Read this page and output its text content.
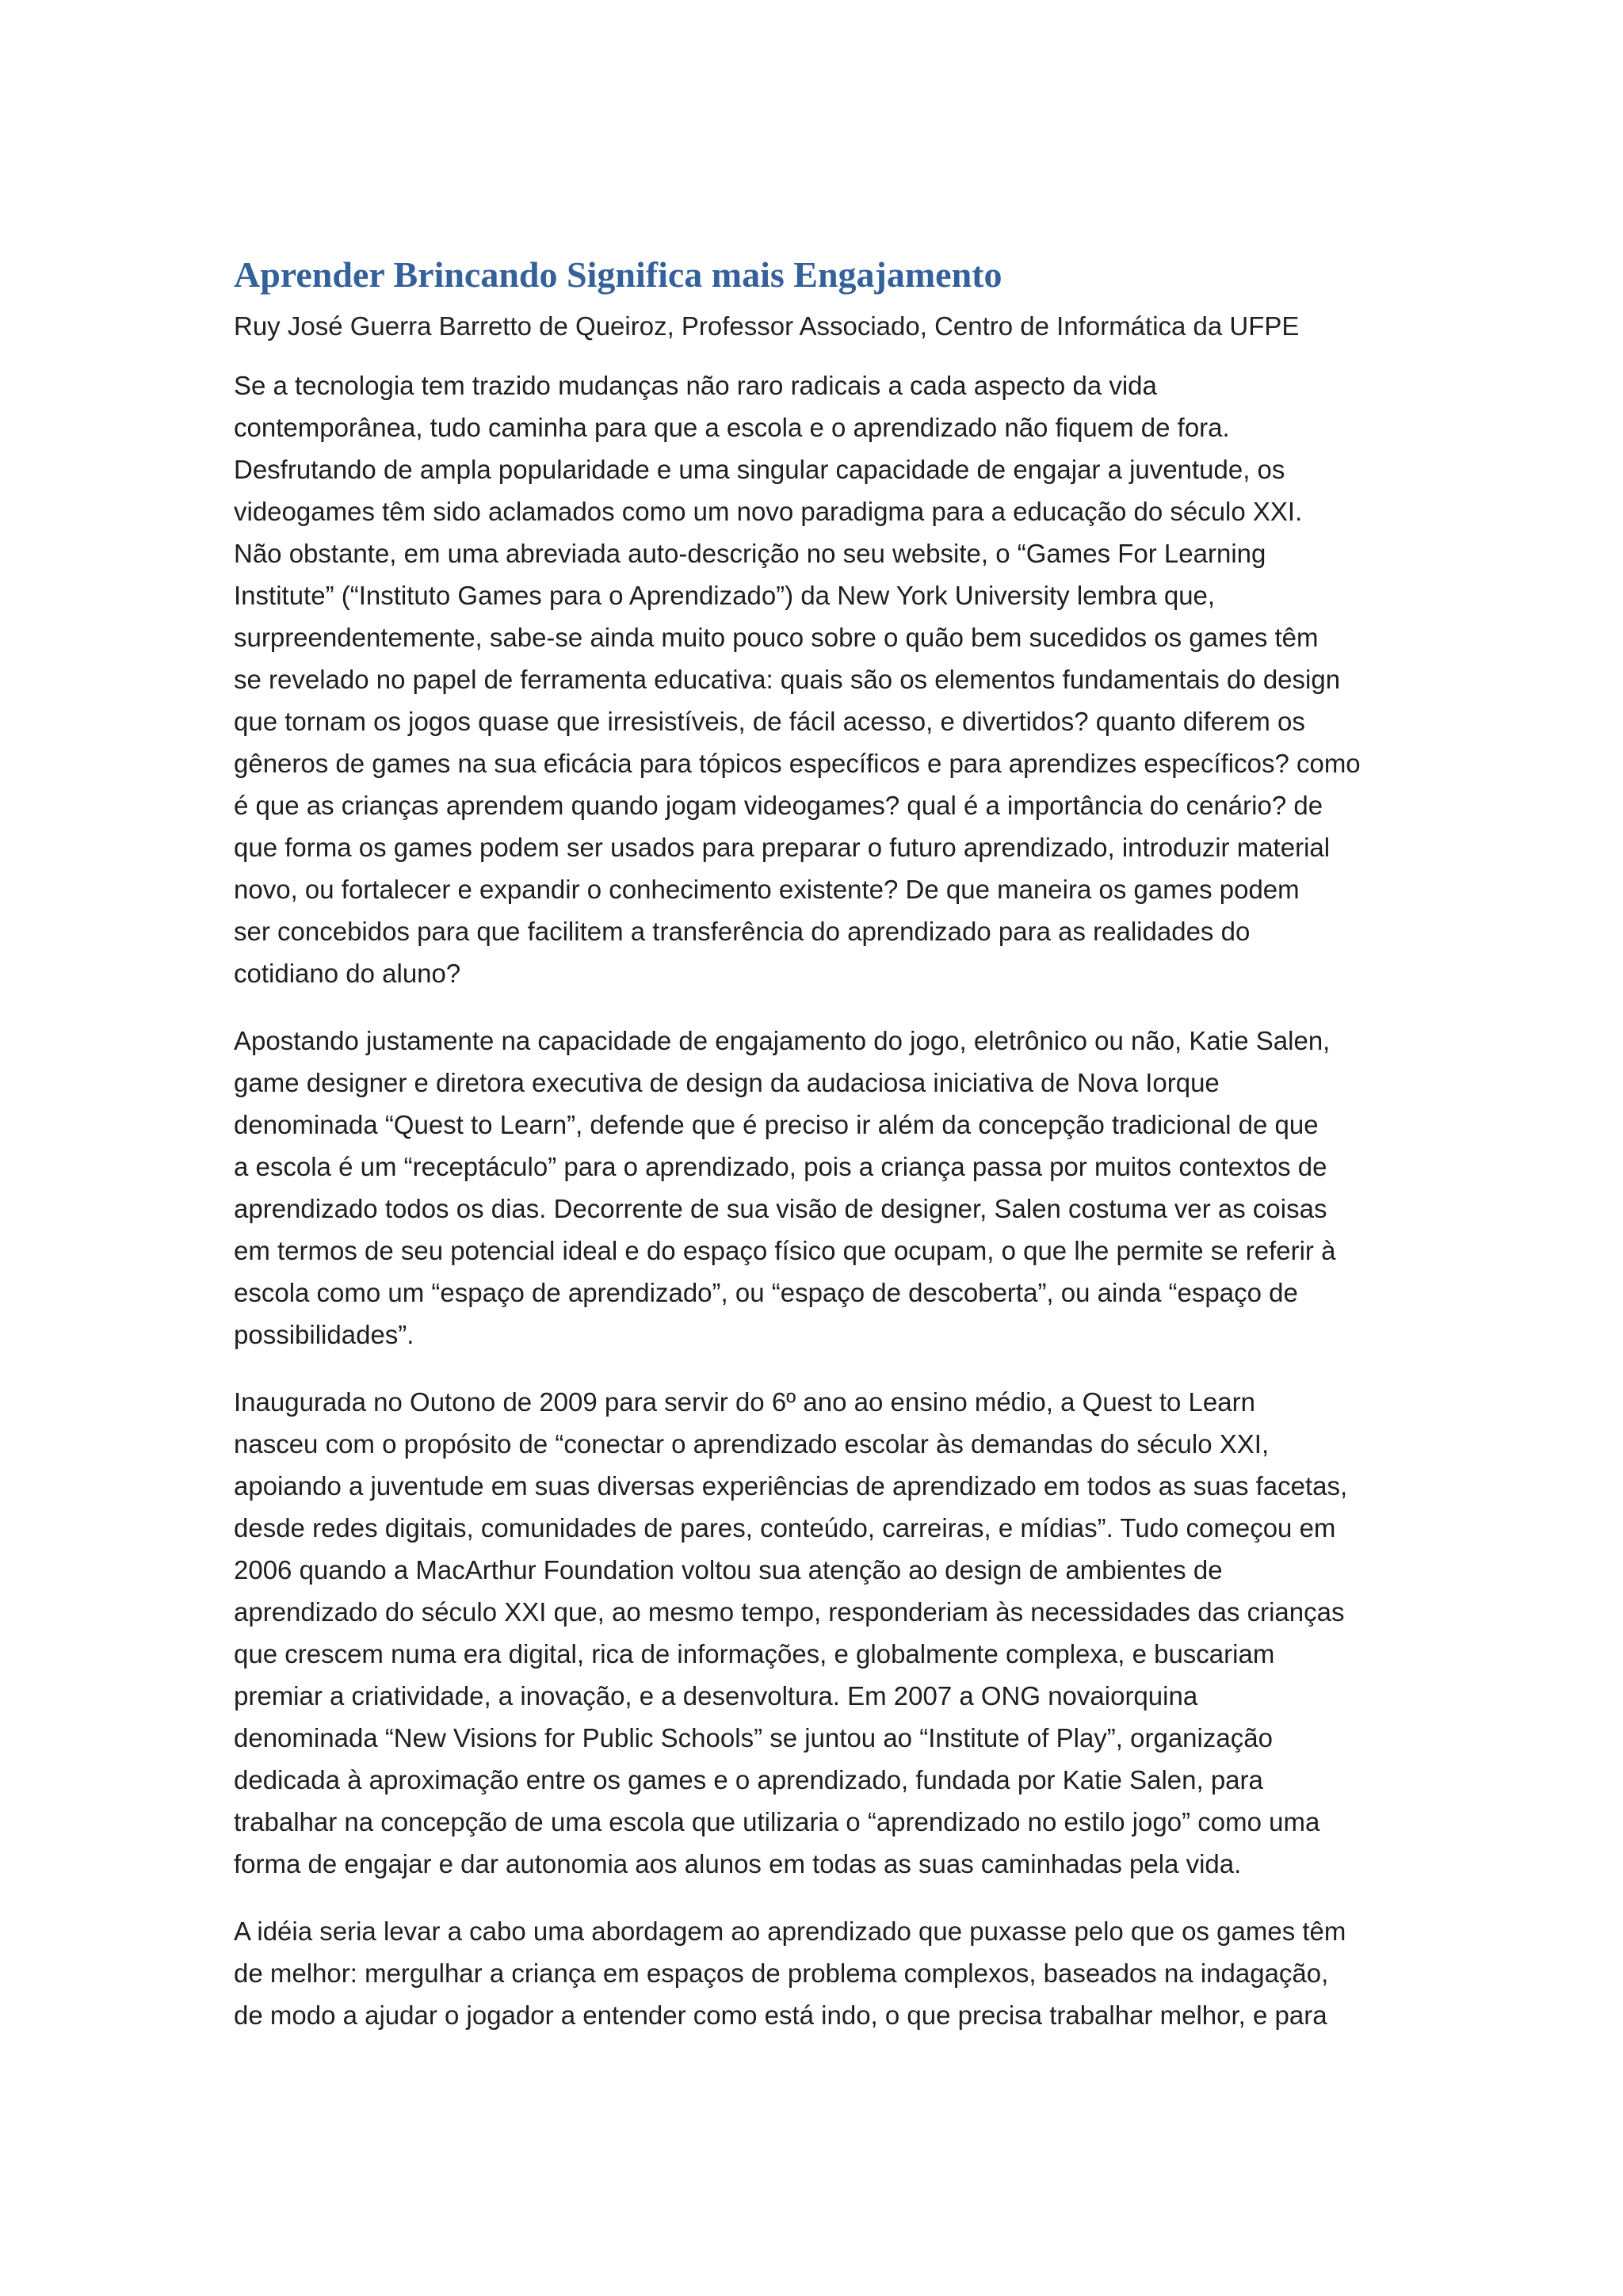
Aprender Brincando Significa mais Engajamento
Ruy José Guerra Barretto de Queiroz, Professor Associado, Centro de Informática da UFPE
Se a tecnologia tem trazido mudanças não raro radicais a cada aspecto da vida
contemporânea, tudo caminha para que a escola e o aprendizado não fiquem de fora.
Desfrutando de ampla popularidade e uma singular capacidade de engajar a juventude, os
videogames têm sido aclamados como um novo paradigma para a educação do século XXI.
Não obstante, em uma abreviada auto-descrição no seu website, o “Games For Learning
Institute” (“Instituto Games para o Aprendizado”) da New York University lembra que,
surpreendentemente, sabe-se ainda muito pouco sobre o quão bem sucedidos os games têm
se revelado no papel de ferramenta educativa: quais são os elementos fundamentais do design
que tornam os jogos quase que irresistíveis, de fácil acesso, e divertidos? quanto diferem os
gêneros de games na sua eficácia para tópicos específicos e para aprendizes específicos? como
é que as crianças aprendem quando jogam videogames? qual é a importância do cenário? de
que forma os games podem ser usados para preparar o futuro aprendizado, introduzir material
novo, ou fortalecer e expandir o conhecimento existente? De que maneira os games podem
ser concebidos para que facilitem a transferência do aprendizado para as realidades do
cotidiano do aluno?
Apostando justamente na capacidade de engajamento do jogo, eletrônico ou não, Katie Salen,
game designer e diretora executiva de design da audaciosa iniciativa de Nova Iorque
denominada “Quest to Learn”, defende que é preciso ir além da concepção tradicional de que
a escola é um “receptáculo” para o aprendizado, pois a criança passa por muitos contextos de
aprendizado todos os dias. Decorrente de sua visão de designer, Salen costuma ver as coisas
em termos de seu potencial ideal e do espaço físico que ocupam, o que lhe permite se referir à
escola como um “espaço de aprendizado”, ou “espaço de descoberta”, ou ainda “espaço de
possibilidades”.
Inaugurada no Outono de 2009 para servir do 6º ano ao ensino médio, a Quest to Learn
nasceu com o propósito de “conectar o aprendizado escolar às demandas do século XXI,
apoiando a juventude em suas diversas experiências de aprendizado em todos as suas facetas,
desde redes digitais, comunidades de pares, conteúdo, carreiras, e mídias”. Tudo começou em
2006 quando a MacArthur Foundation voltou sua atenção ao design de ambientes de
aprendizado do século XXI que, ao mesmo tempo, responderiam às necessidades das crianças
que crescem numa era digital, rica de informações, e globalmente complexa, e buscariam
premiar a criatividade, a inovação, e a desenvoltura. Em 2007 a ONG novaiorquina
denominada “New Visions for Public Schools” se juntou ao “Institute of Play”, organização
dedicada à aproximação entre os games e o aprendizado, fundada por Katie Salen, para
trabalhar na concepção de uma escola que utilizaria o “aprendizado no estilo jogo” como uma
forma de engajar e dar autonomia aos alunos em todas as suas caminhadas pela vida.
A idéia seria levar a cabo uma abordagem ao aprendizado que puxasse pelo que os games têm
de melhor: mergulhar a criança em espaços de problema complexos, baseados na indagação,
de modo a ajudar o jogador a entender como está indo, o que precisa trabalhar melhor, e para
